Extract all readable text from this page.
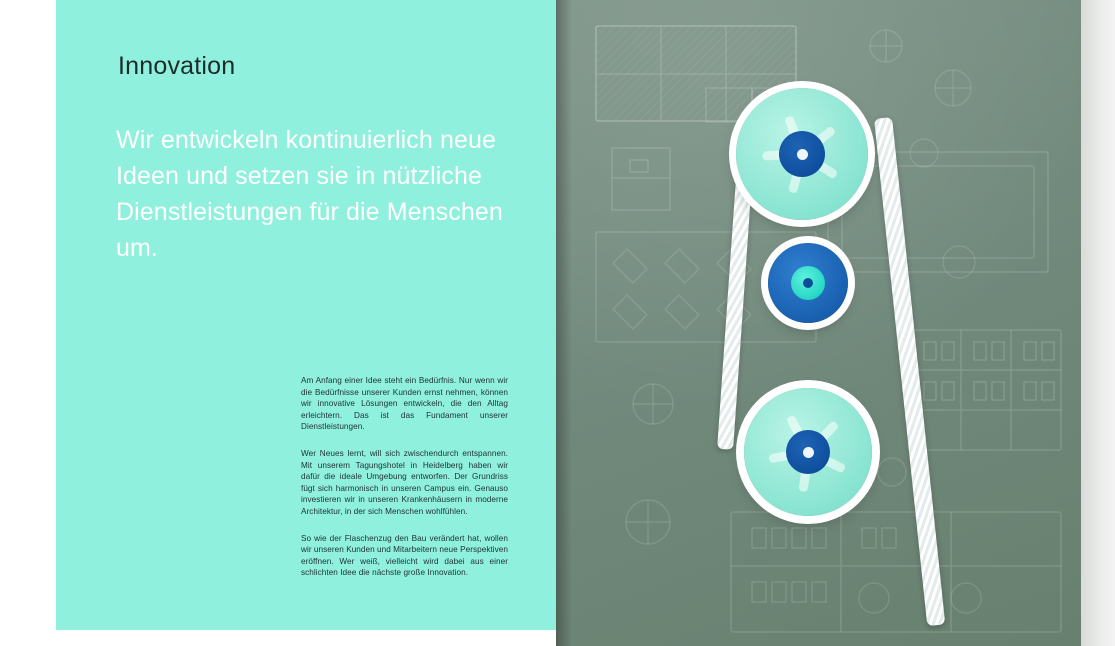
Innovation
Wir entwickeln kontinuierlich neue Ideen und setzen sie in nützliche Dienstleistungen für die Menschen um.

Am Anfang einer Idee steht ein Bedürfnis. Nur wenn wir die Bedürfnisse unserer Kunden ernst nehmen, können wir innovative Lösungen entwickeln, die den Alltag erleichtern. Das ist das Fundament unserer Dienstleistungen.

Wer Neues lernt, will sich zwischendurch entspannen. Mit unserem Tagungshotel in Heidelberg haben wir dafür die ideale Umgebung entworfen. Der Grundriss fügt sich harmonisch in unseren Campus ein. Genauso investieren wir in unseren Krankenhäusern in moderne Architektur, in der sich Menschen wohlfühlen.

So wie der Flaschenzug den Bau verändert hat, wollen wir unseren Kunden und Mitarbeitern neue Perspektiven eröffnen. Wer weiß, vielleicht wird dabei aus einer schlichten Idee die nächste große Innovation.
